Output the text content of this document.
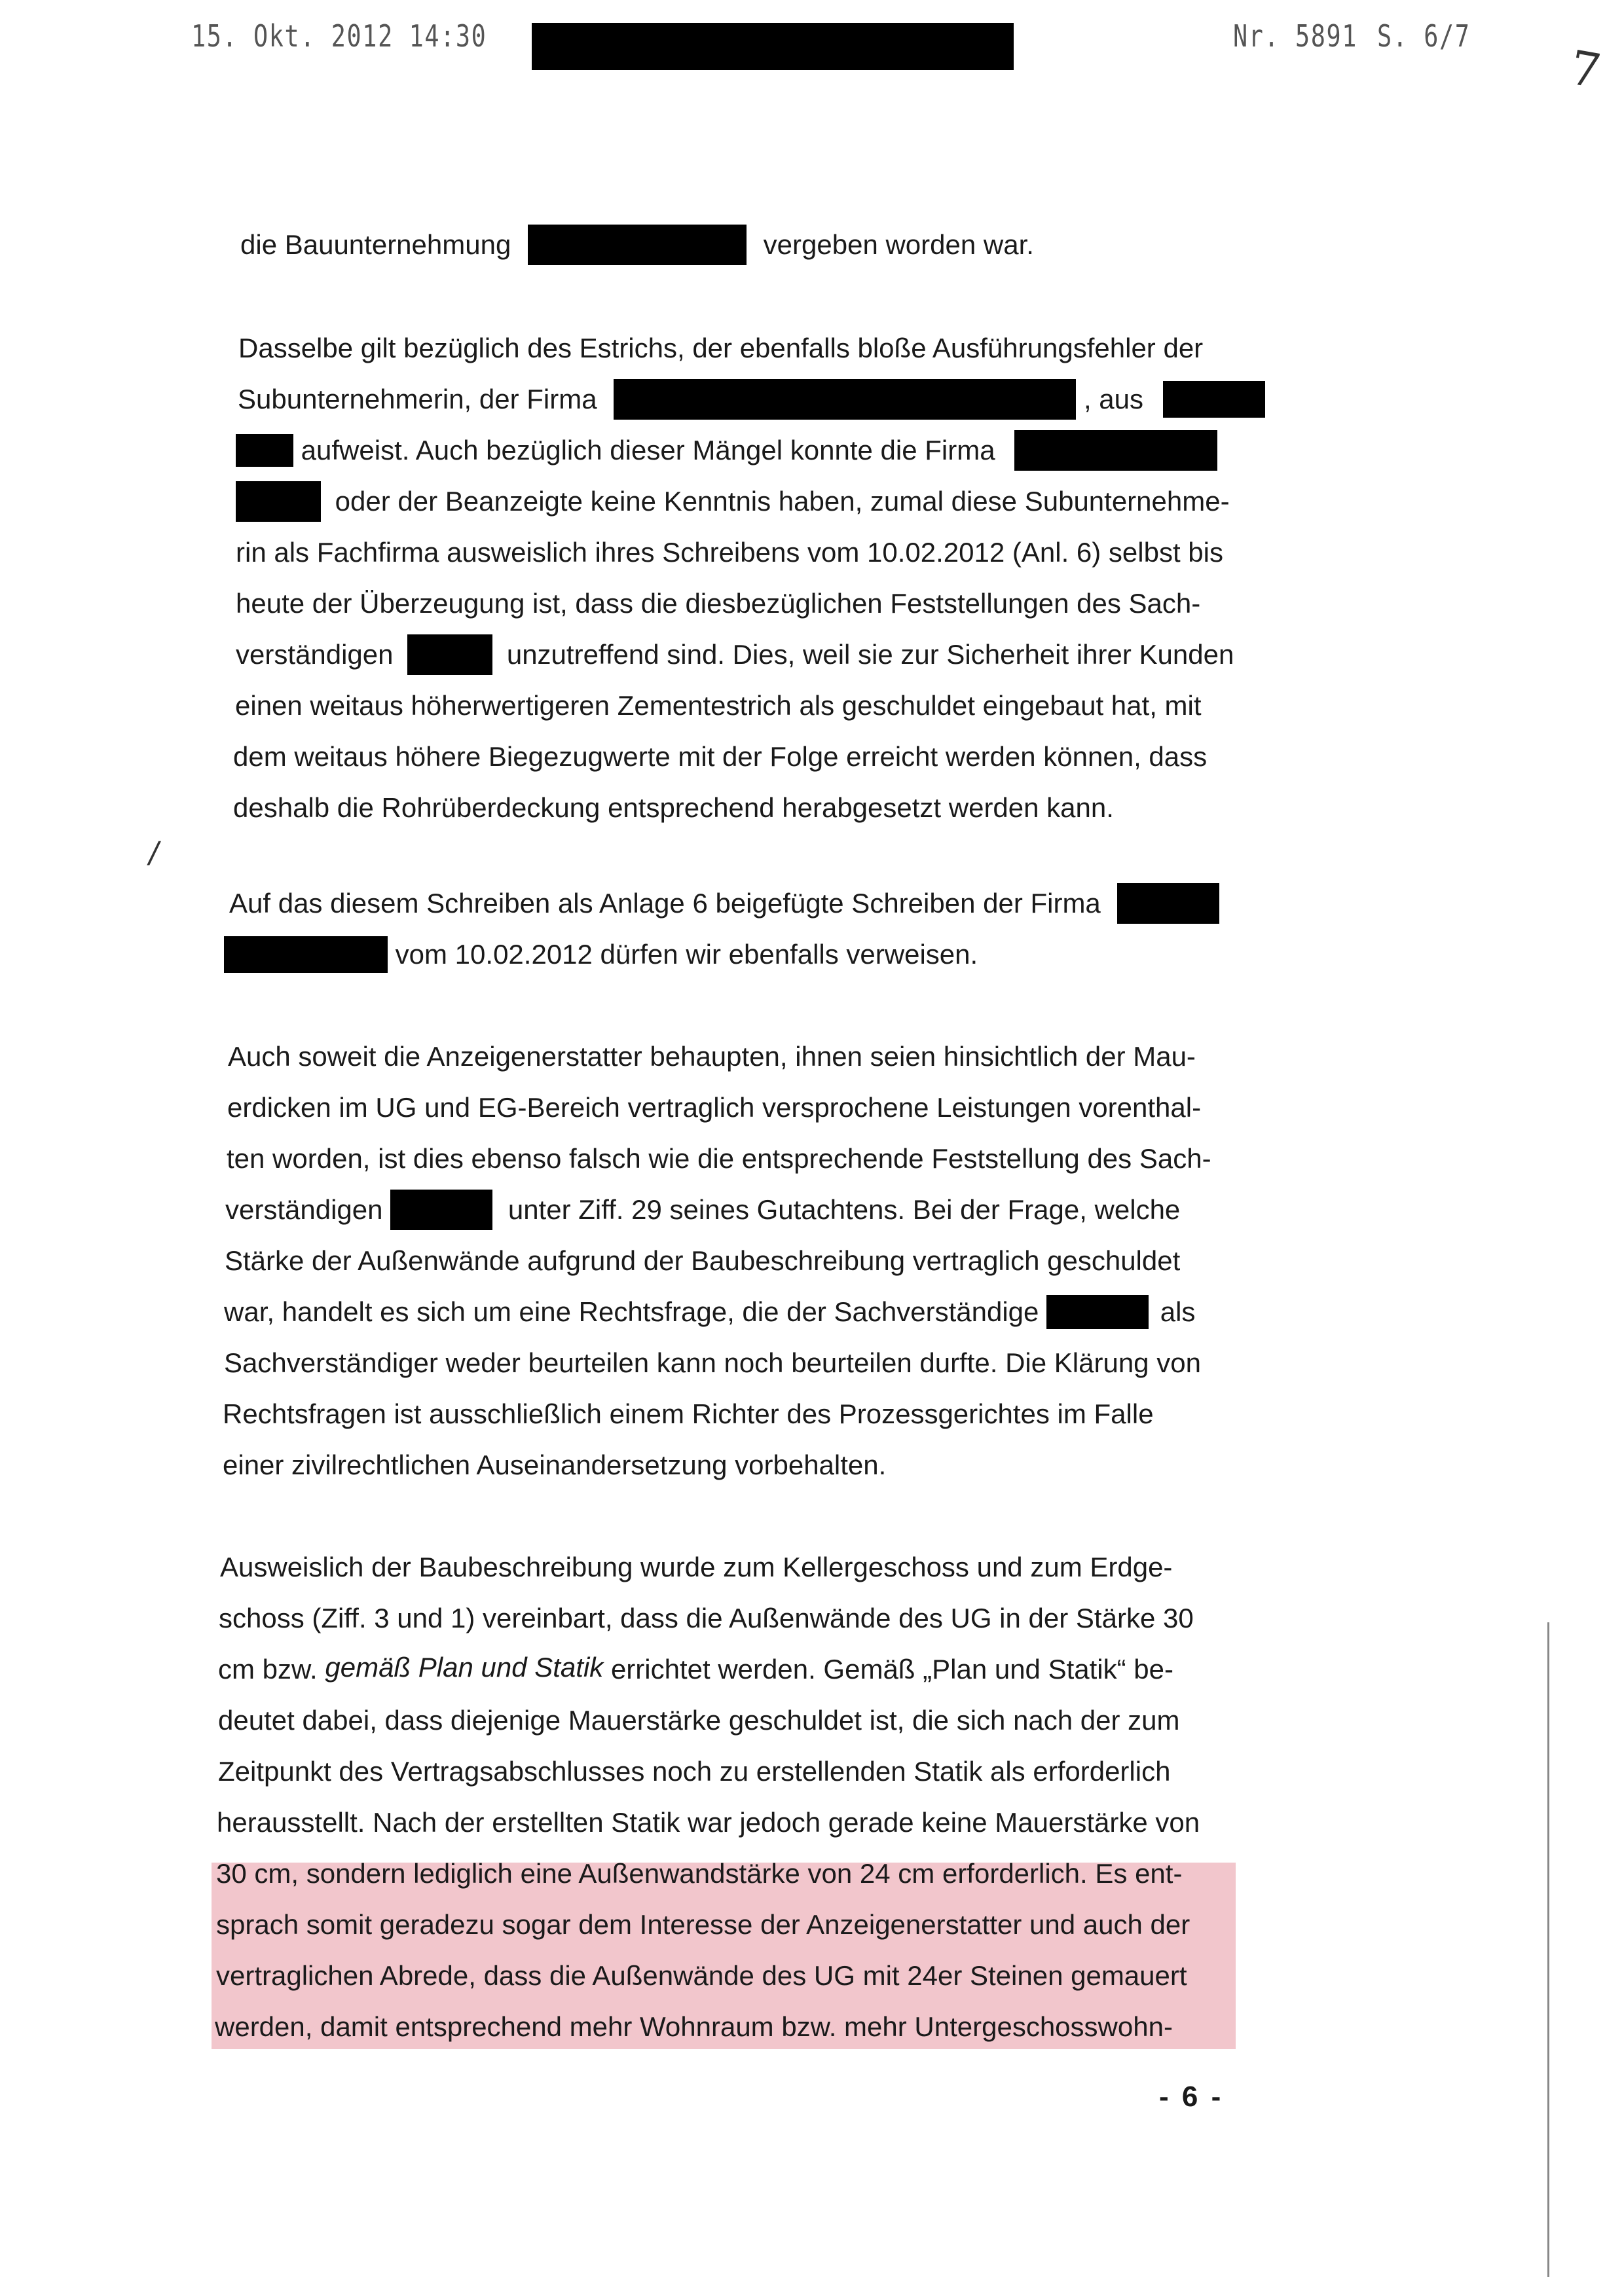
15. Okt. 2012 14:30	Nr. 5891 S. 6/7
7
die Bauunternehmung	vergeben worden war.
Dasselbe gilt bezüglich des Estrichs, der ebenfalls bloße Ausführungsfehler der
Subunternehmerin, der Firma	, aus
aufweist. Auch bezüglich dieser Mängel konnte die Firma
oder der Beanzeigte keine Kenntnis haben, zumal diese Subunternehme-
rin als Fachfirma ausweislich ihres Schreibens vom 10.02.2012 (Anl. 6) selbst bis
heute der Überzeugung ist, dass die diesbezüglichen Feststellungen des Sach-
verständigen	unzutreffend sind. Dies, weil sie zur Sicherheit ihrer Kunden
einen weitaus höherwertigeren Zementestrich als geschuldet eingebaut hat, mit
dem weitaus höhere Biegezugwerte mit der Folge erreicht werden können, dass
deshalb die Rohrüberdeckung entsprechend herabgesetzt werden kann.
/
Auf das diesem Schreiben als Anlage 6 beigefügte Schreiben der Firma
vom 10.02.2012 dürfen wir ebenfalls verweisen.
Auch soweit die Anzeigenerstatter behaupten, ihnen seien hinsichtlich der Mau-
erdicken im UG und EG-Bereich vertraglich versprochene Leistungen vorenthal-
ten worden, ist dies ebenso falsch wie die entsprechende Feststellung des Sach-
verständigen	unter Ziff. 29 seines Gutachtens. Bei der Frage, welche
Stärke der Außenwände aufgrund der Baubeschreibung vertraglich geschuldet
war, handelt es sich um eine Rechtsfrage, die der Sachverständige	als
Sachverständiger weder beurteilen kann noch beurteilen durfte. Die Klärung von
Rechtsfragen ist ausschließlich einem Richter des Prozessgerichtes im Falle
einer zivilrechtlichen Auseinandersetzung vorbehalten.
Ausweislich der Baubeschreibung wurde zum Kellergeschoss und zum Erdge-
schoss (Ziff. 3 und 1) vereinbart, dass die Außenwände des UG in der Stärke 30
cm bzw. gemäß Plan und Statik errichtet werden. Gemäß „Plan und Statik“ be-
deutet dabei, dass diejenige Mauerstärke geschuldet ist, die sich nach der zum
Zeitpunkt des Vertragsabschlusses noch zu erstellenden Statik als erforderlich
herausstellt. Nach der erstellten Statik war jedoch gerade keine Mauerstärke von
30 cm, sondern lediglich eine Außenwandstärke von 24 cm erforderlich. Es ent-
sprach somit geradezu sogar dem Interesse der Anzeigenerstatter und auch der
vertraglichen Abrede, dass die Außenwände des UG mit 24er Steinen gemauert
werden, damit entsprechend mehr Wohnraum bzw. mehr Untergeschosswohn-
- 6 -
